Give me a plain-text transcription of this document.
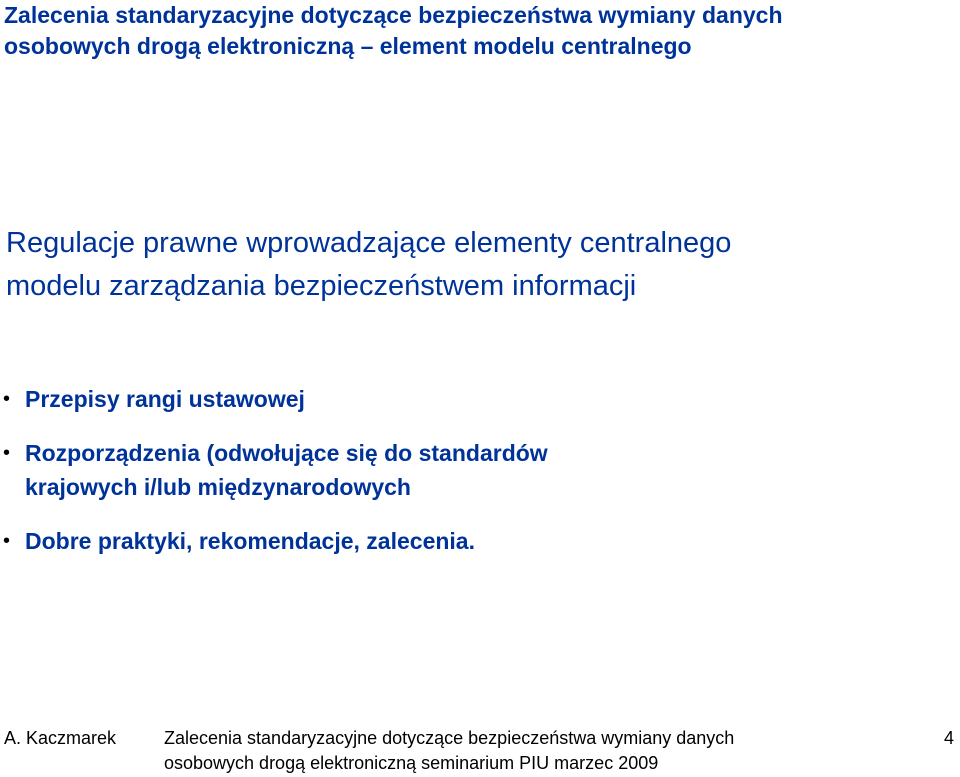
Zalecenia standaryzacyjne dotyczące bezpieczeństwa wymiany danych
osobowych drogą elektroniczną – element modelu centralnego
Regulacje prawne wprowadzające elementy centralnego
modelu zarządzania bezpieczeństwem informacji
• Przepisy rangi ustawowej
• Rozporządzenia (odwołujące się do standardów
krajowych i/lub międzynarodowych
• Dobre praktyki, rekomendacje, zalecenia.
A. Kaczmarek	Zalecenia standaryzacyjne dotyczące bezpieczeństwa wymiany danych
osobowych drogą elektroniczną seminarium PIU marzec 2009
4
